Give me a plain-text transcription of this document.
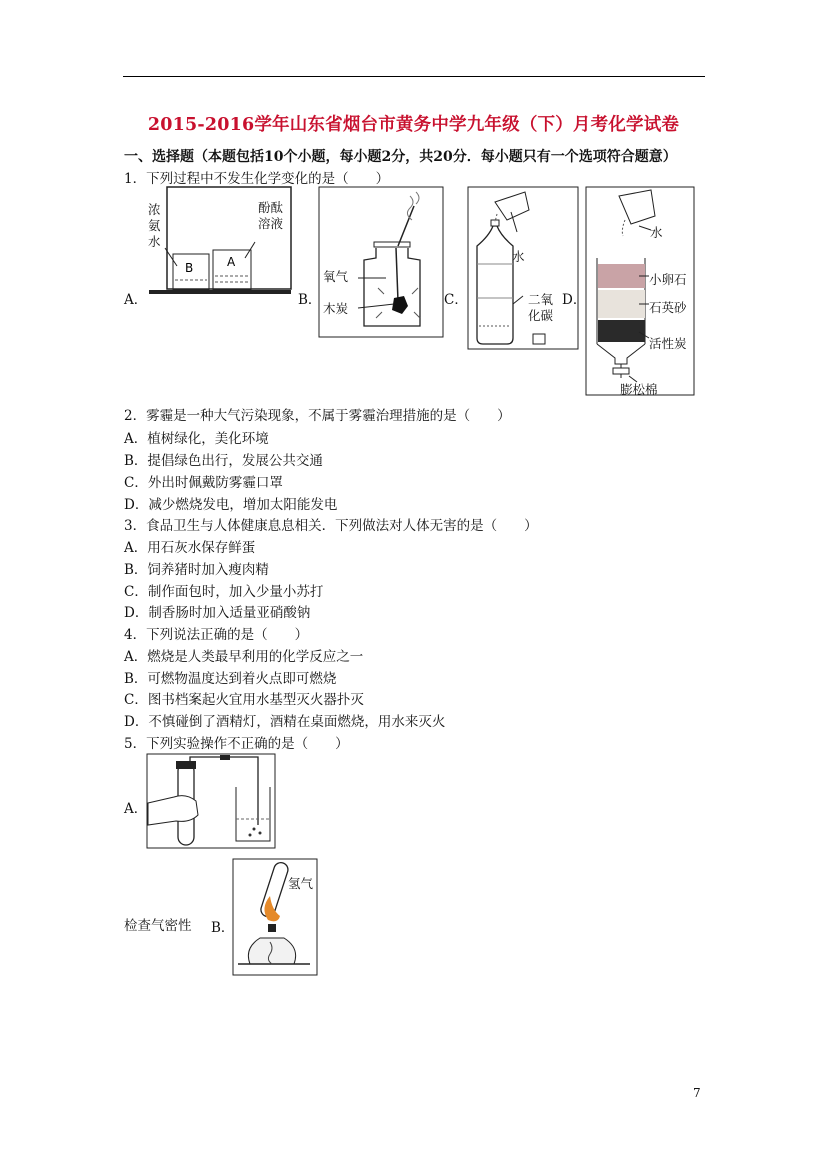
2015-2016学年山东省烟台市黄务中学九年级（下）月考化学试卷
一、选择题（本题包括10个小题，每小题2分，共20分．每小题只有一个选项符合题意）
1．下列过程中不发生化学变化的是（　　）
A．
B	A
浓氨水
酚酞溶液
B．
氧气
木炭
C．
水
二氧化碳
D．
水
小卵石
石英砂
活性炭
膨松棉
2．雾霾是一种大气污染现象，不属于雾霾治理措施的是（　　）
A．植树绿化，美化环境
B．提倡绿色出行，发展公共交通
C．外出时佩戴防雾霾口罩
D．减少燃烧发电，增加太阳能发电
3．食品卫生与人体健康息息相关．下列做法对人体无害的是（　　）
A．用石灰水保存鲜蛋
B．饲养猪时加入瘦肉精
C．制作面包时，加入少量小苏打
D．制香肠时加入适量亚硝酸钠
4．下列说法正确的是（　　）
A．燃烧是人类最早利用的化学反应之一
B．可燃物温度达到着火点即可燃烧
C．图书档案起火宜用水基型灭火器扑灭
D．不慎碰倒了酒精灯，酒精在桌面燃烧，用水来灭火
5．下列实验操作不正确的是（　　）
A．
氢气
检查气密性 B．
7
